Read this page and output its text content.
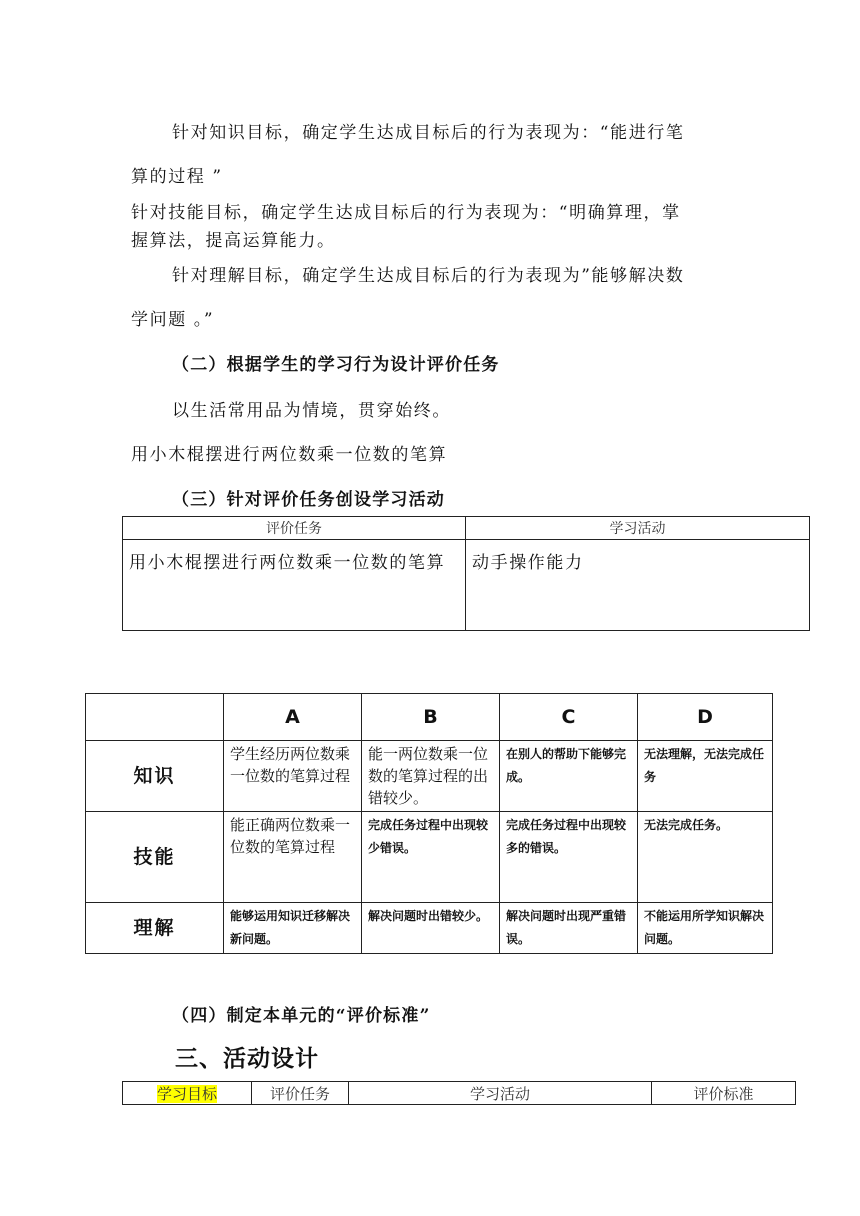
针对知识目标，确定学生达成目标后的行为表现为：“能进行笔
算的过程 ”
针对技能目标，确定学生达成目标后的行为表现为：“明确算理，掌
握算法，提高运算能力。
针对理解目标，确定学生达成目标后的行为表现为”能够解决数
学问题 。”
（二）根据学生的学习行为设计评价任务
以生活常用品为情境，贯穿始终。
用小木棍摆进行两位数乘一位数的笔算
（三）针对评价任务创设学习活动
评价任务	学习活动
用小木棍摆进行两位数乘一位数的笔算	动手操作能力
	A	B	C	D
知识	学生经历两位数乘一位数的笔算过程	能一两位数乘一位数的笔算过程的出错较少。	在别人的帮助下能够完成。	无法理解，无法完成任务
技能	能正确两位数乘一位数的笔算过程	完成任务过程中出现较少错误。	完成任务过程中出现较多的错误。	无法完成任务。
理解	能够运用知识迁移解决新问题。	解决问题时出错较少。	解决问题时出现严重错误。	不能运用所学知识解决问题。
（四）制定本单元的“评价标准”
三、活动设计
学习目标	评价任务	学习活动	评价标准
